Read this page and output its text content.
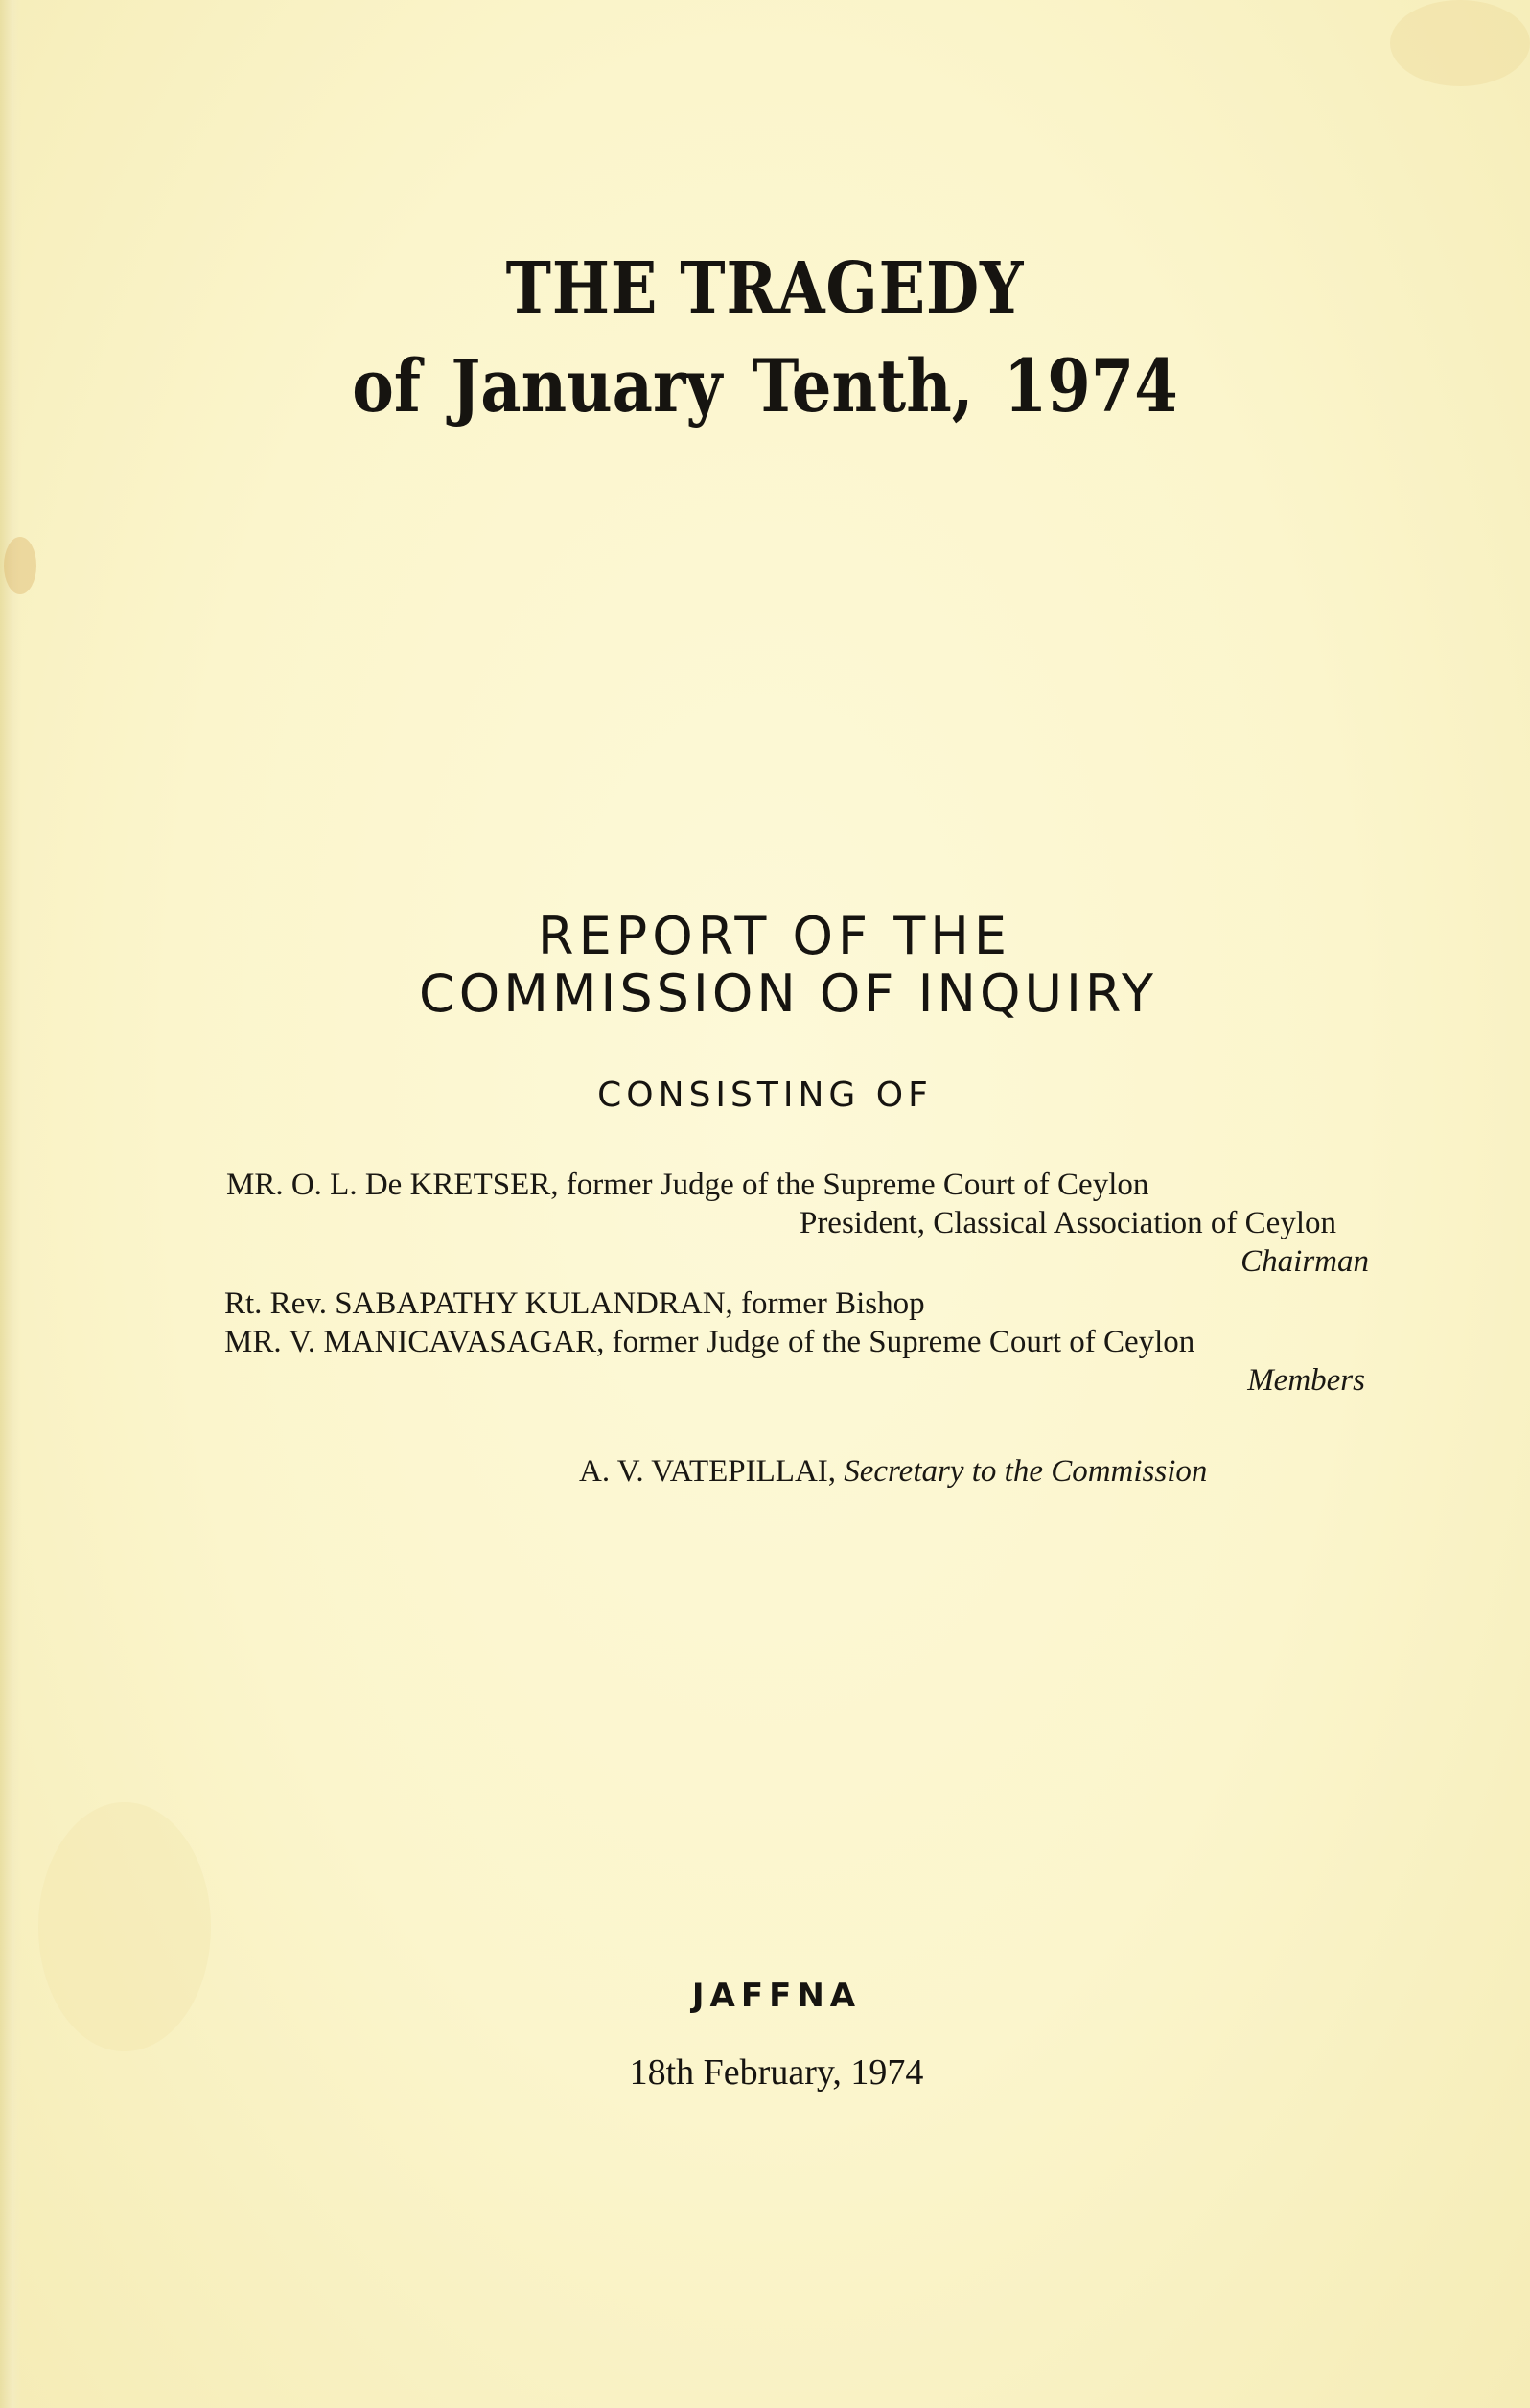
THE TRAGEDY
of January Tenth, 1974
REPORT OF THE
COMMISSION OF INQUIRY
CONSISTING OF
MR. O. L. De KRETSER, former Judge of the Supreme Court of Ceylon
President, Classical Association of Ceylon
Chairman
Rt. Rev. SABAPATHY KULANDRAN, former Bishop
MR. V. MANICAVASAGAR, former Judge of the Supreme Court of Ceylon
Members
A. V. VATEPILLAI, Secretary to the Commission
JAFFNA
18th February, 1974
